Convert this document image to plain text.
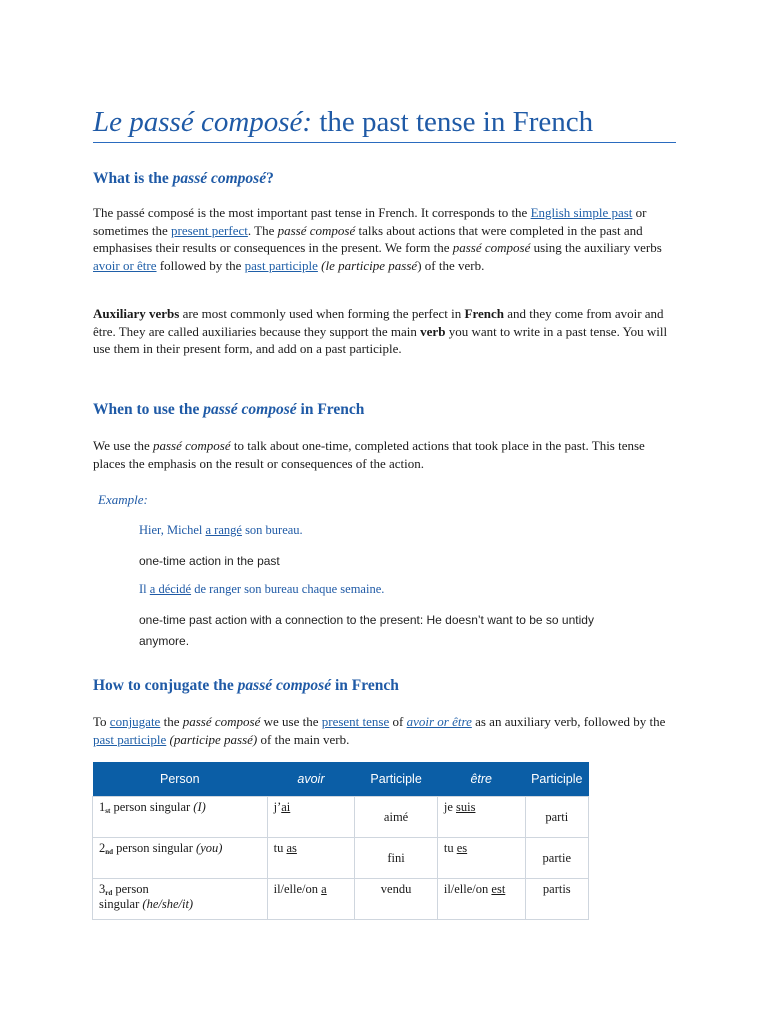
Le passé composé: the past tense in French
What is the passé composé?
The passé composé is the most important past tense in French. It corresponds to the English simple past or sometimes the present perfect. The passé composé talks about actions that were completed in the past and emphasises their results or consequences in the present. We form the passé composé using the auxiliary verbs avoir or être followed by the past participle (le participe passé) of the verb.
Auxiliary verbs are most commonly used when forming the perfect in French and they come from avoir and être. They are called auxiliaries because they support the main verb you want to write in a past tense. You will use them in their present form, and add on a past participle.
When to use the passé composé in French
We use the passé composé to talk about one-time, completed actions that took place in the past. This tense places the emphasis on the result or consequences of the action.
Example:
Hier, Michel a rangé son bureau.
one-time action in the past
Il a décidé de ranger son bureau chaque semaine.
one-time past action with a connection to the present: He doesn’t want to be so untidy
anymore.
How to conjugate the passé composé in French
To conjugate the passé composé we use the present tense of avoir or être as an auxiliary verb, followed by the past participle (participe passé) of the main verb.
Person	avoir	Participle	être	Participle
1st person singular (I)	j’ai	aimé	je suis	parti
2nd person singular (you)	tu as	fini	tu es	partie
3rd person
singular (he/she/it)	il/elle/on a	vendu	il/elle/on est	partis
